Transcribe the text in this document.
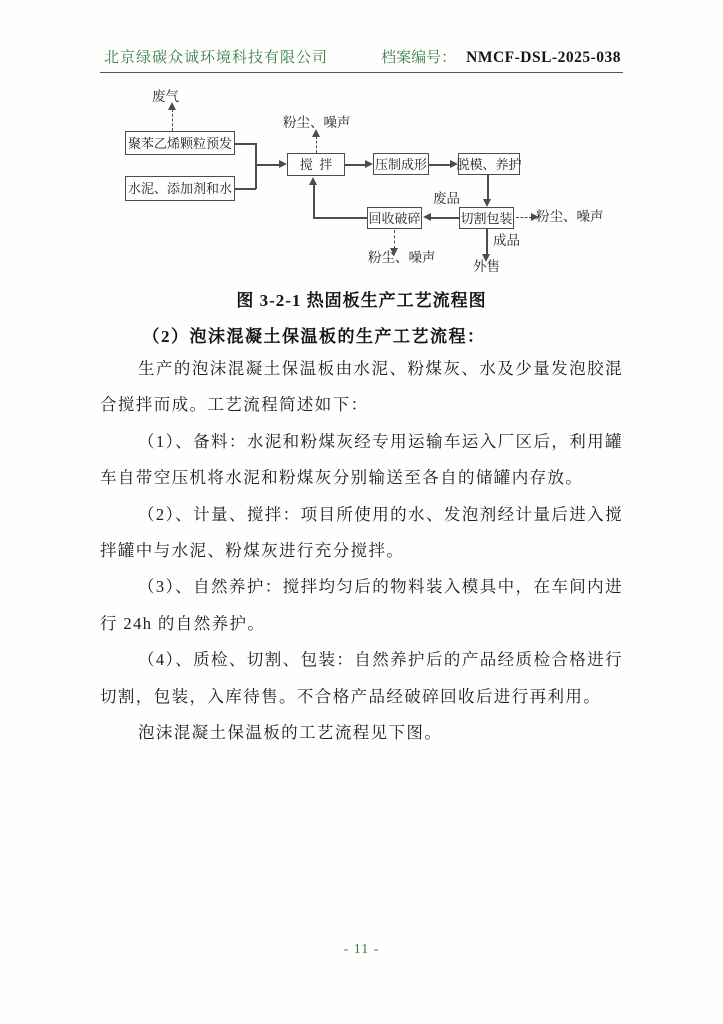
北京绿碳众诚环境科技有限公司	档案编号： NMCF-DSL-2025-038
废气
粉尘、噪声
粉尘、噪声
粉尘、噪声
废品
成品
外售
聚苯乙烯颗粒预发
水泥、添加剂和水
搅  拌	压制成形 脱模、养护
回收破碎	切割包装
图 3-2-1 热固板生产工艺流程图
（2）泡沫混凝土保温板的生产工艺流程：

生产的泡沫混凝土保温板由水泥、粉煤灰、水及少量发泡胶混合搅拌而成。工艺流程简述如下：

（1）、备料：水泥和粉煤灰经专用运输车运入厂区后，利用罐车自带空压机将水泥和粉煤灰分别输送至各自的储罐内存放。

（2）、计量、搅拌：项目所使用的水、发泡剂经计量后进入搅拌罐中与水泥、粉煤灰进行充分搅拌。

（3）、自然养护：搅拌均匀后的物料装入模具中，在车间内进行 24h 的自然养护。

（4）、质检、切割、包装：自然养护后的产品经质检合格进行切割，包装，入库待售。不合格产品经破碎回收后进行再利用。

泡沫混凝土保温板的工艺流程见下图。

- 11 -
